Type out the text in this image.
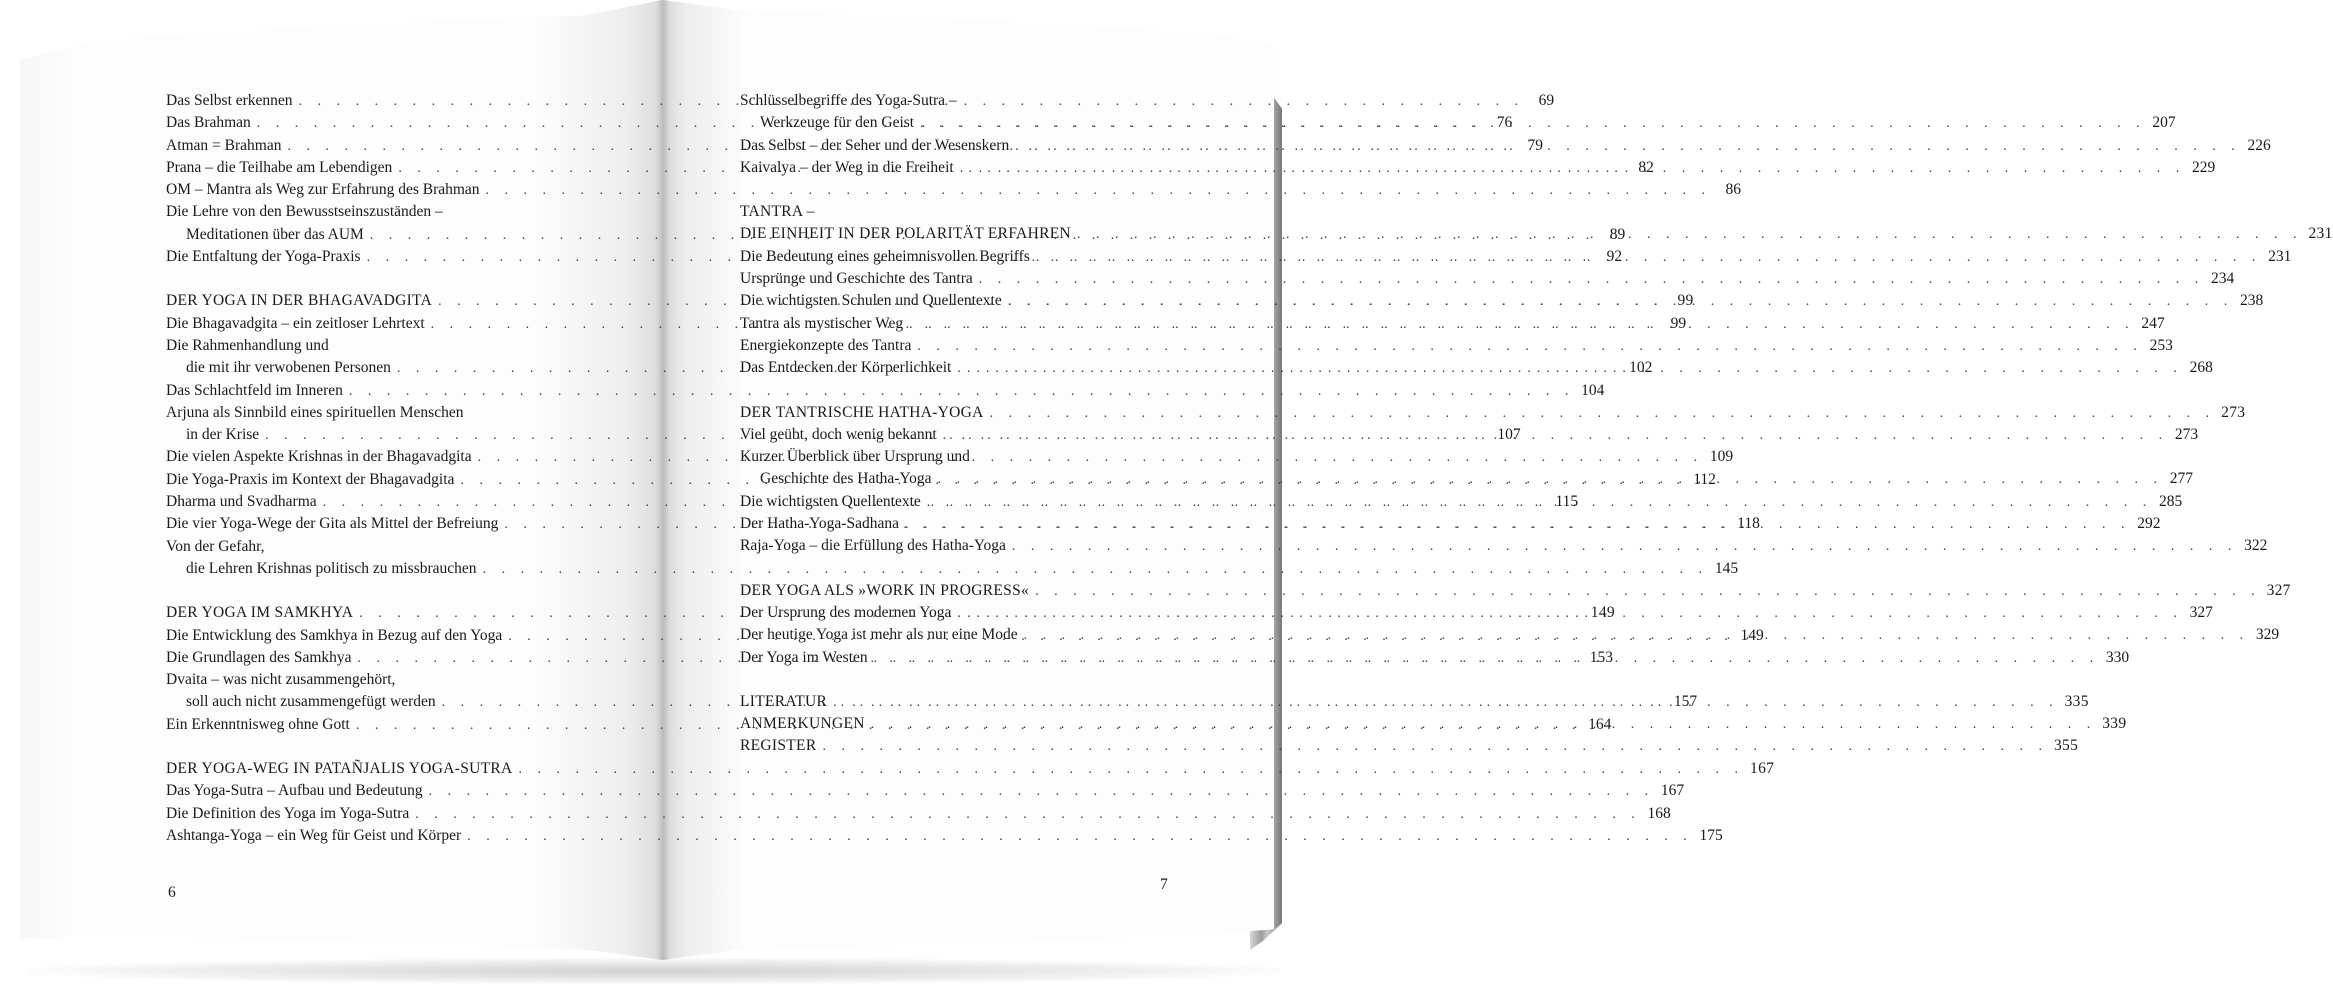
Das Selbst erkennen . . .	69
Das Brahman . . .	76
Atman = Brahman . . .	79
Prana – die Teilhabe am Lebendigen . . .	82
OM – Mantra als Weg zur Erfahrung des Brahman . . .	86
Die Lehre von den Bewusstseinszuständen –
Meditationen über das AUM . . .	89
Die Entfaltung der Yoga-Praxis . . .	92
DER YOGA IN DER BHAGAVADGITA . . .	99
Die Bhagavadgita – ein zeitloser Lehrtext . . .	99
Die Rahmenhandlung und
die mit ihr verwobenen Personen . . .	102
Das Schlachtfeld im Inneren . . .	104
Arjuna als Sinnbild eines spirituellen Menschen
in der Krise . . .	107
Die vielen Aspekte Krishnas in der Bhagavadgita . . .	109
Die Yoga-Praxis im Kontext der Bhagavadgita . . .	112
Dharma und Svadharma . . .	115
Die vier Yoga-Wege der Gita als Mittel der Befreiung . . .	118
Von der Gefahr,
die Lehren Krishnas politisch zu missbrauchen . . .	145
DER YOGA IM SAMKHYA . . .	149
Die Entwicklung des Samkhya in Bezug auf den Yoga . . .	149
Die Grundlagen des Samkhya . . .	153
Dvaita – was nicht zusammengehört,
soll auch nicht zusammengefügt werden . . .	157
Ein Erkenntnisweg ohne Gott . . .	164
DER YOGA-WEG IN PATAÑJALIS YOGA-SUTRA . . .	167
Das Yoga-Sutra – Aufbau und Bedeutung . . .	167
Die Definition des Yoga im Yoga-Sutra . . .	168
Ashtanga-Yoga – ein Weg für Geist und Körper . . .	175
Schlüsselbegriffe des Yoga-Sutra –
Werkzeuge für den Geist . . .	207
Das Selbst – der Seher und der Wesenskern . . .	226
Kaivalya – der Weg in die Freiheit . . .	229
TANTRA –
DIE EINHEIT IN DER POLARITÄT ERFAHREN . . .	231
Die Bedeutung eines geheimnisvollen Begriffs . . .	231
Ursprünge und Geschichte des Tantra . . .	234
Die wichtigsten Schulen und Quellentexte . . .	238
Tantra als mystischer Weg . . .	247
Energiekonzepte des Tantra . . .	253
Das Entdecken der Körperlichkeit . . .	268
DER TANTRISCHE HATHA-YOGA . . .	273
Viel geübt, doch wenig bekannt . . .	273
Kurzer Überblick über Ursprung und
Geschichte des Hatha-Yoga . . .	277
Die wichtigsten Quellentexte . . .	285
Der Hatha-Yoga-Sadhana . . .	292
Raja-Yoga – die Erfüllung des Hatha-Yoga . . .	322
DER YOGA ALS »WORK IN PROGRESS« . . .	327
Der Ursprung des modernen Yoga . . .	327
Der heutige Yoga ist mehr als nur eine Mode . . .	329
Der Yoga im Westen . . .	330
LITERATUR . . .	335
ANMERKUNGEN . . .	339
REGISTER . . .	355
6	7
